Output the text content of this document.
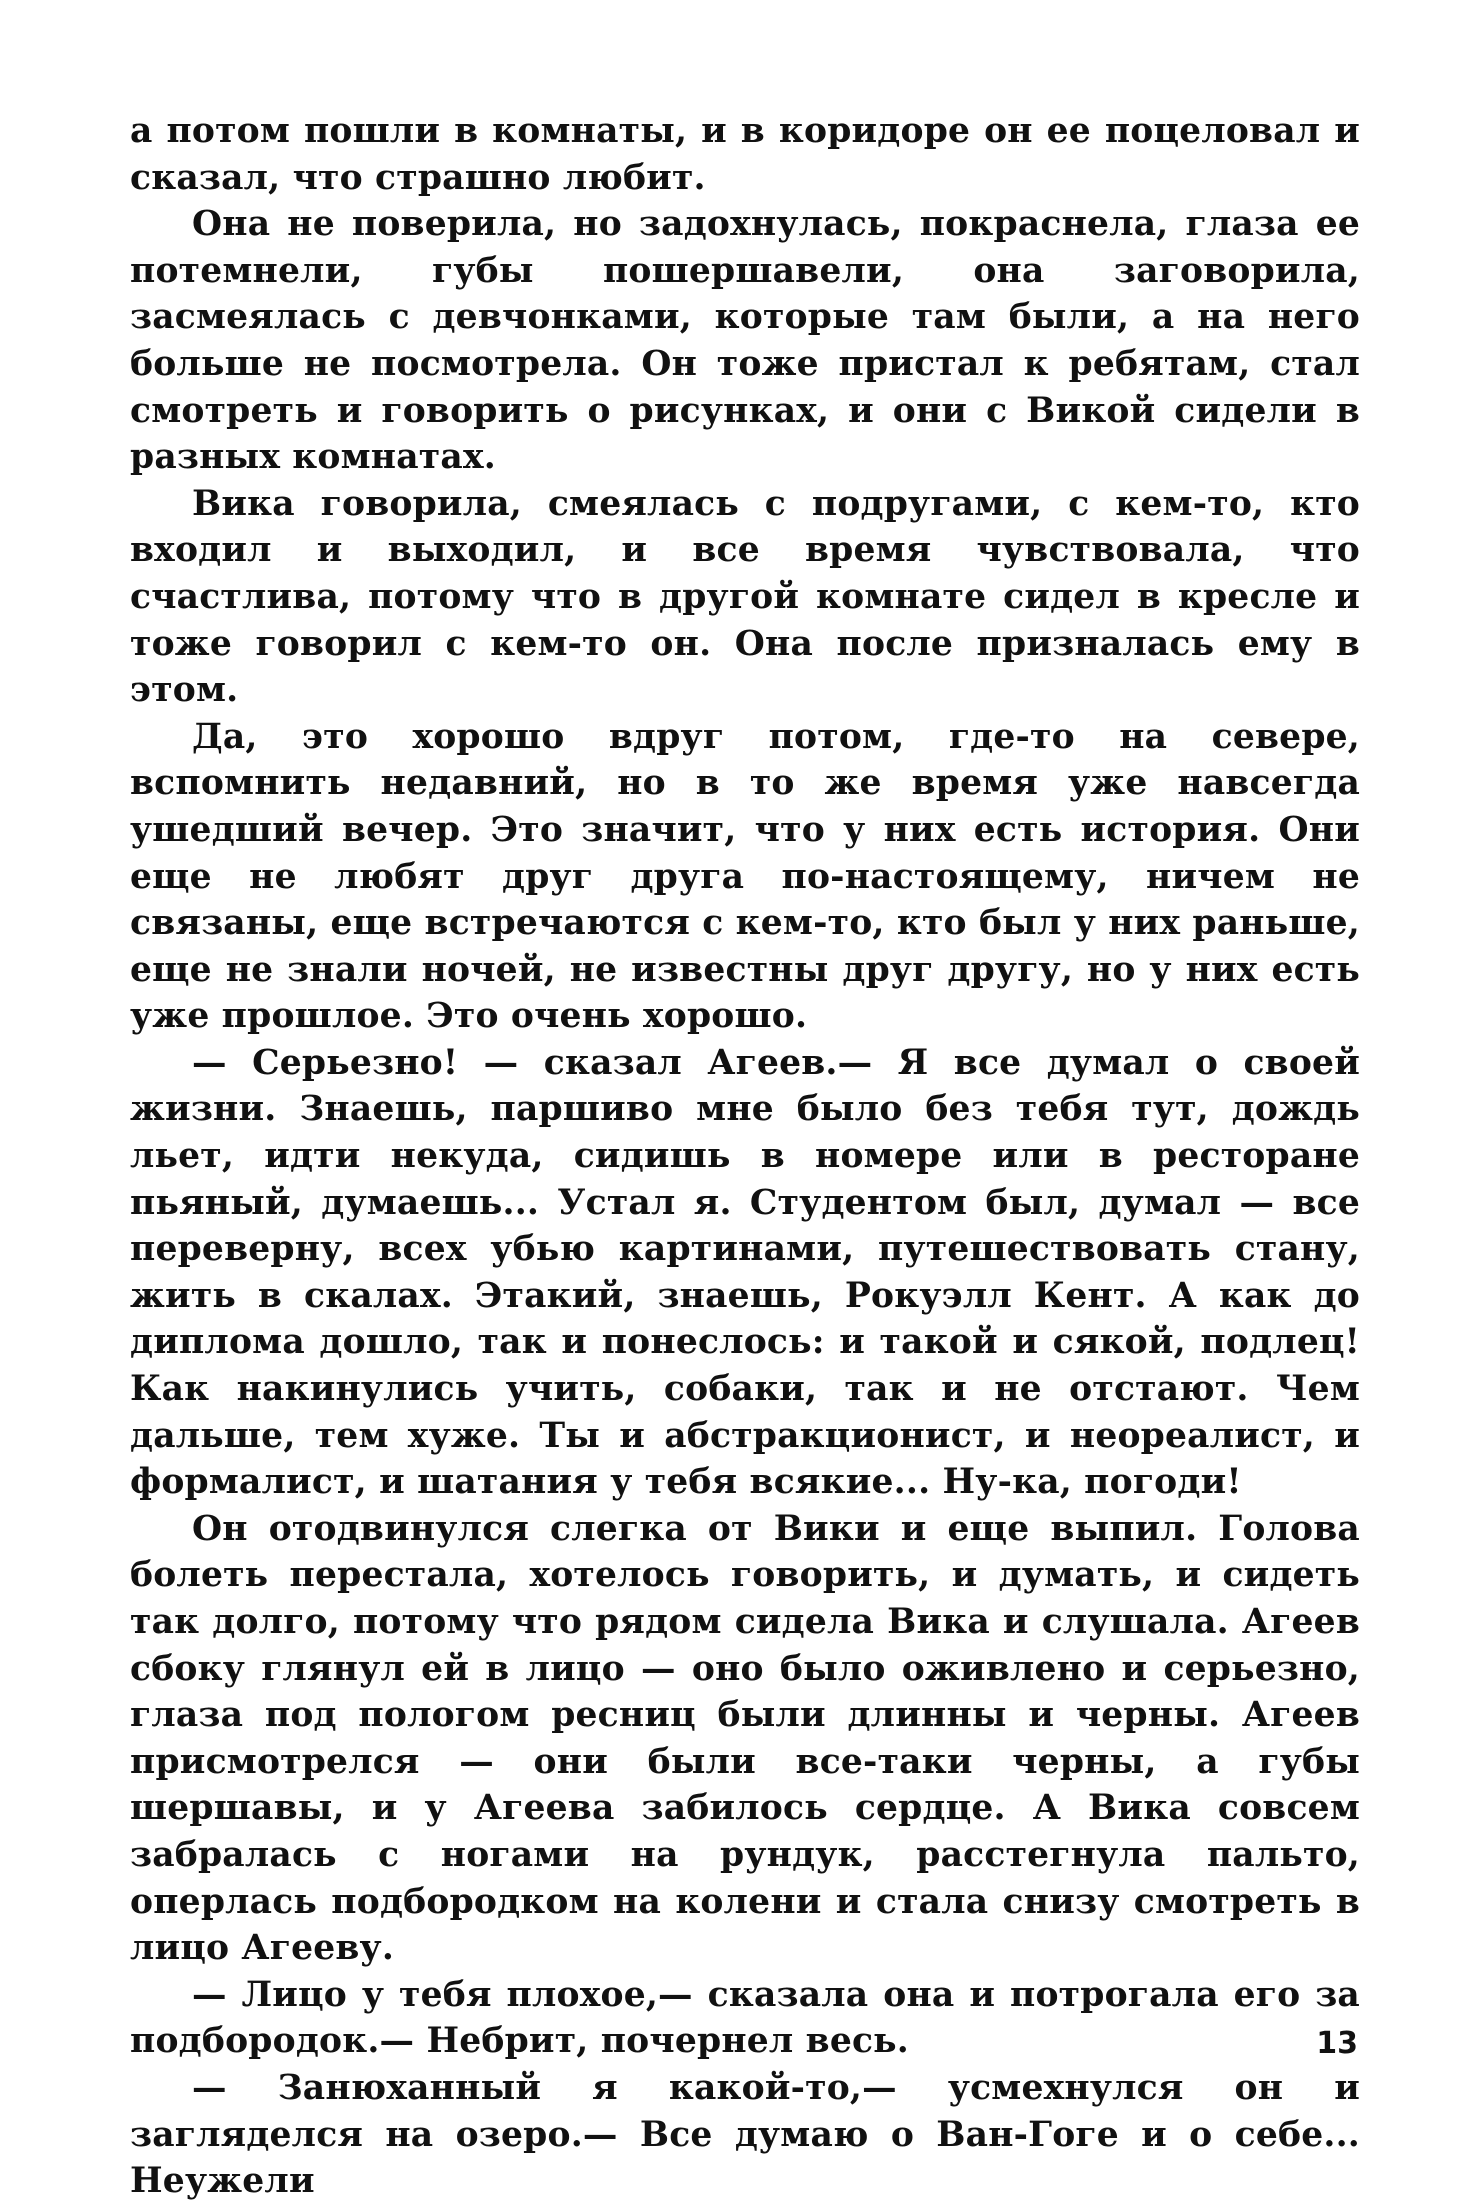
а потом пошли в комнаты, и в коридоре он ее поцеловал и сказал, что страшно любит.

Она не поверила, но задохнулась, покраснела, глаза ее потемнели, губы пошершавели, она заговорила, засмеялась с девчонками, которые там были, а на него больше не посмотрела. Он тоже пристал к ребятам, стал смотреть и говорить о рисунках, и они с Викой сидели в разных комнатах.

Вика говорила, смеялась с подругами, с кем-то, кто входил и выходил, и все время чувствовала, что счастлива, потому что в другой комнате сидел в кресле и тоже говорил с кем-то он. Она после призналась ему в этом.

Да, это хорошо вдруг потом, где-то на севере, вспомнить недавний, но в то же время уже навсегда ушедший вечер. Это значит, что у них есть история. Они еще не любят друг друга по-настоящему, ничем не связаны, еще встречаются с кем-то, кто был у них раньше, еще не знали ночей, не известны друг другу, но у них есть уже прошлое. Это очень хорошо.

— Серьезно! — сказал Агеев.— Я все думал о своей жизни. Знаешь, паршиво мне было без тебя тут, дождь льет, идти некуда, сидишь в номере или в ресторане пьяный, думаешь... Устал я. Студентом был, думал — все переверну, всех убью картинами, путешествовать стану, жить в скалах. Этакий, знаешь, Рокуэлл Кент. А как до диплома дошло, так и понеслось: и такой и сякой, подлец! Как накинулись учить, собаки, так и не отстают. Чем дальше, тем хуже. Ты и абстракционист, и неореалист, и формалист, и шатания у тебя всякие... Ну-ка, погоди!

Он отодвинулся слегка от Вики и еще выпил. Голова болеть перестала, хотелось говорить, и думать, и сидеть так долго, потому что рядом сидела Вика и слушала. Агеев сбоку глянул ей в лицо — оно было оживлено и серьезно, глаза под пологом ресниц были длинны и черны. Агеев присмотрелся — они были все-таки черны, а губы шершавы, и у Агеева забилось сердце. А Вика совсем забралась с ногами на рундук, расстегнула пальто, оперлась подбородком на колени и стала снизу смотреть в лицо Агееву.

— Лицо у тебя плохое,— сказала она и потрогала его за подбородок.— Небрит, почернел весь.

— Занюханный я какой-то,— усмехнулся он и загляделся на озеро.— Все думаю о Ван-Гоге и о себе... Неужели

13
